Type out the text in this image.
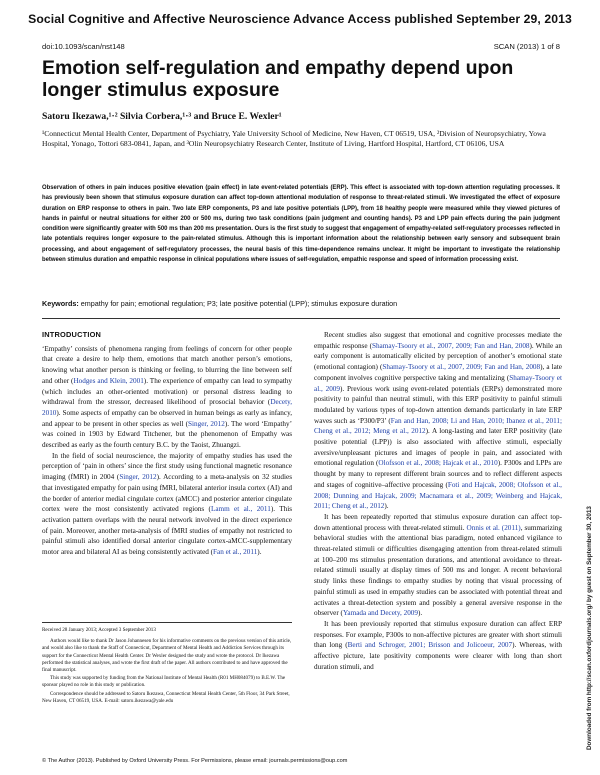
Social Cognitive and Affective Neuroscience Advance Access published September 29, 2013
doi:10.1093/scan/nst148	SCAN (2013) 1 of 8
Emotion self-regulation and empathy depend upon longer stimulus exposure
Satoru Ikezawa,¹·² Silvia Corbera,¹·³ and Bruce E. Wexler¹
¹Connecticut Mental Health Center, Department of Psychiatry, Yale University School of Medicine, New Haven, CT 06519, USA, ²Division of Neuropsychiatry, Yowa Hospital, Yonago, Tottori 683-0841, Japan, and ³Olin Neuropsychiatry Research Center, Institute of Living, Hartford Hospital, Hartford, CT 06106, USA
Observation of others in pain induces positive elevation (pain effect) in late event-related potentials (ERP). This effect is associated with top-down attention regulating processes. It has previously been shown that stimulus exposure duration can affect top-down attentional modulation of response to threat-related stimuli. We investigated the effect of exposure duration on ERP response to others in pain. Two late ERP components, P3 and late positive potentials (LPP), from 18 healthy people were measured while they viewed pictures of hands in painful or neutral situations for either 200 or 500 ms, during two task conditions (pain judgment and counting hands). P3 and LPP pain effects during the pain judgment condition were significantly greater with 500 ms than 200 ms presentation. Ours is the first study to suggest that engagement of empathy-related self-regulatory processes reflected in late potentials requires longer exposure to the pain-related stimulus. Although this is important information about the relationship between early sensory and subsequent brain processing, and about engagement of self-regulatory processes, the neural basis of this time-dependence remains unclear. It might be important to investigate the relationship between stimulus duration and empathic response in clinical populations where issues of self-regulation, empathic response and speed of information processing exist.
Keywords: empathy for pain; emotional regulation; P3; late positive potential (LPP); stimulus exposure duration
INTRODUCTION

‘Empathy’ consists of phenomena ranging from feelings of concern for other people that create a desire to help them, emotions that match another person’s emotions, knowing what another person is thinking or feeling, to blurring the line between self and other (Hodges and Klein, 2001). The experience of empathy can lead to sympathy (which includes an other-oriented motivation) or personal distress leading to withdrawal from the stressor, decreased likelihood of prosocial behavior (Decety, 2010). Some aspects of empathy can be observed in human beings as early as infancy, and appear to be present in other species as well (Singer, 2012). The word ‘Empathy’ was coined in 1903 by Edward Titchener, but the phenomenon of Empathy was described as early as the fourth century B.C. by the Taoist, Zhuangzi.

In the field of social neuroscience, the majority of empathy studies has used the perception of ‘pain in others’ since the first study using functional magnetic resonance imaging (fMRI) in 2004 (Singer, 2012). According to a meta-analysis on 32 studies that investigated empathy for pain using fMRI, bilateral anterior insula cortex (AI) and the border of anterior medial cingulate cortex (aMCC) and posterior anterior cingulate cortex were the most consistently activated regions (Lamm et al., 2011). This activation pattern overlaps with the neural network involved in the direct experience of pain. Moreover, another meta-analysis of fMRI studies of empathy not restricted to painful stimuli also identified dorsal anterior cingulate cortex-aMCC-supplementary motor area and bilateral AI as being consistently activated (Fan et al., 2011).

Received 28 January 2013; Accepted 3 September 2013

Authors would like to thank Dr Jason Johannesen for his informative comments on the previous version of this article, and would also like to thank the Staff of Connecticut, Department of Mental Health and Addiction Services through its support for the Connecticut Mental Health Center. Dr Wexler designed the study and wrote the protocol. Dr Ikezawa performed the statistical analyses, and wrote the first draft of the paper. All authors contributed to and have approved the final manuscript.

This study was supported by funding from the National Institute of Mental Health (R01 MH084079) to B.E.W. The sponsor played no role in this study or publication.

Correspondence should be addressed to Satoru Ikezawa, Connecticut Mental Health Center, 5th Floor, 34 Park Street, New Haven, CT 06519, USA. E-mail: satoru.ikezawa@yale.edu

Recent studies also suggest that emotional and cognitive processes mediate the empathic response (Shamay-Tsoory et al., 2007, 2009; Fan and Han, 2008). While an early component is automatically elicited by perception of another’s emotional state (emotional contagion) (Shamay-Tsoory et al., 2007, 2009; Fan and Han, 2008), a late component involves cognitive perspective taking and mentalizing (Shamay-Tsoory et al., 2009). Previous work using event-related potentials (ERPs) demonstrated more positivity to painful than neutral stimuli, with this ERP positivity to painful stimuli modulated by various types of top-down attention demands particularly in late ERP waves such as ‘P300/P3’ (Fan and Han, 2008; Li and Han, 2010; Ibanez et al., 2011; Cheng et al., 2012; Meng et al., 2012). A long-lasting and later ERP positivity (late positive potential (LPP)) is also associated with affective stimuli, especially aversive/unpleasant pictures and images of people in pain, and associated with emotional regulation (Olofsson et al., 2008; Hajcak et al., 2010). P300s and LPPs are thought by many to represent different brain sources and to reflect different aspects and stages of cognitive–affective processing (Foti and Hajcak, 2008; Olofsson et al., 2008; Dunning and Hajcak, 2009; Macnamara et al., 2009; Weinberg and Hajcak, 2011; Cheng et al., 2012).

It has been repeatedly reported that stimulus exposure duration can affect top-down attentional process with threat-related stimuli. Onnis et al. (2011), summarizing behavioral studies with the attentional bias paradigm, noted enhanced vigilance to threat-related stimuli or difficulties disengaging attention from threat-related stimuli at 100–200 ms stimulus presentation durations, and attentional avoidance to threat-related stimuli usually at display times of 500 ms and longer. A recent behavioral study links these findings to empathy studies by noting that visual processing of painful stimuli as used in empathy studies can be associated with potential threat and activates a threat-detection system and possibly a general aversive response in the observer (Yamada and Decety, 2009).

It has been previously reported that stimulus exposure duration can affect ERP responses. For example, P300s to non-affective pictures are greater with short stimuli than long (Berti and Schroger, 2001; Brisson and Jolicoeur, 2007). Whereas, with affective picture, late positivity components were clearer with long than short duration stimuli, and

© The Author (2013). Published by Oxford University Press. For Permissions, please email: journals.permissions@oup.com
Downloaded from http://scan.oxfordjournals.org/ by guest on September 30, 2013
